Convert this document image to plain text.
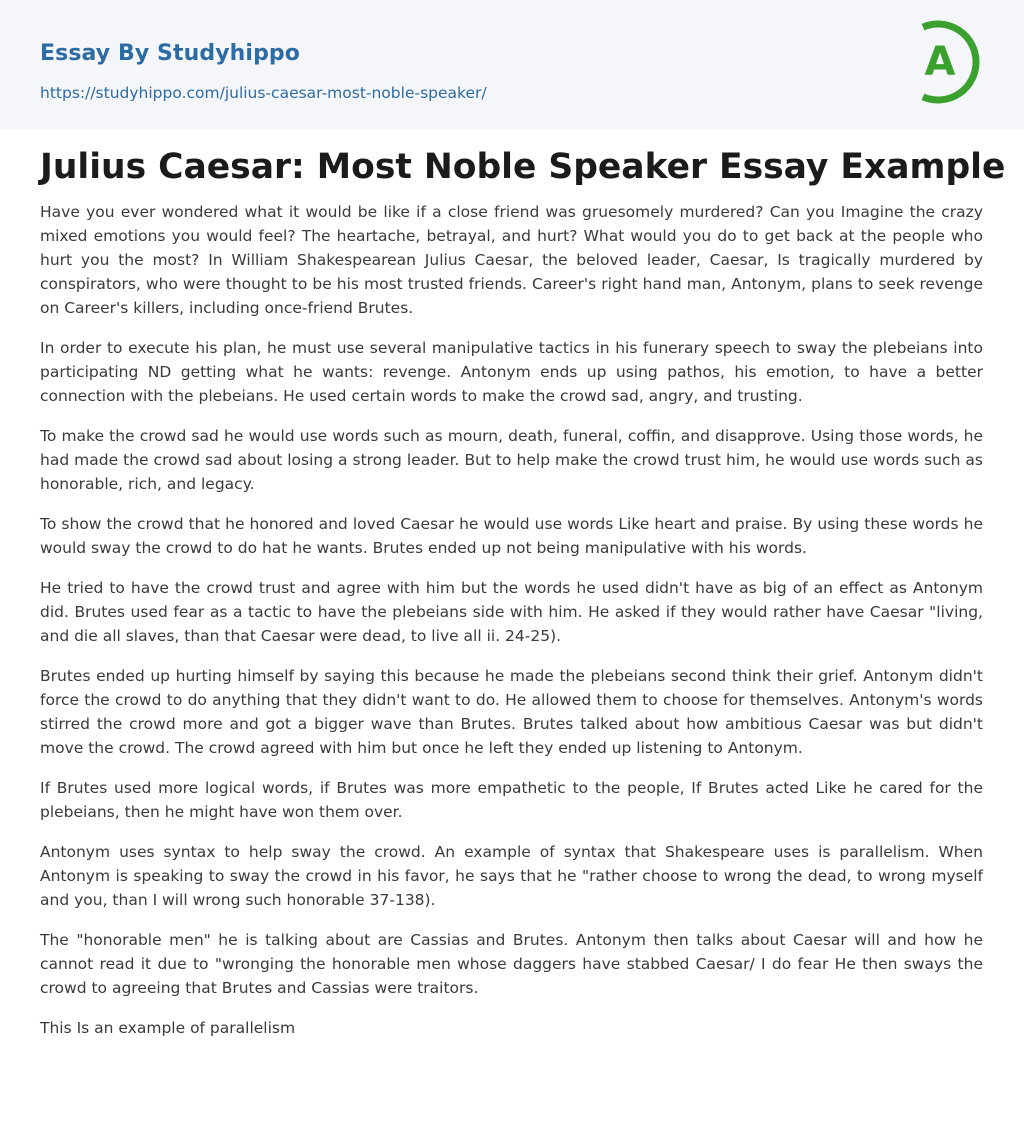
Essay By Studyhippo
https://studyhippo.com/julius-caesar-most-noble-speaker/
A
Julius Caesar: Most Noble Speaker Essay Example

Have you ever wondered what it would be like if a close friend was gruesomely murdered? Can you Imagine the crazy mixed emotions you would feel? The heartache, betrayal, and hurt? What would you do to get back at the people who hurt you the most? In William Shakespearean Julius Caesar, the beloved leader, Caesar, Is tragically murdered by conspirators, who were thought to be his most trusted friends. Career's right hand man, Antonym, plans to seek revenge on Career's killers, including once-friend Brutes.

In order to execute his plan, he must use several manipulative tactics in his funerary speech to sway the plebeians into participating ND getting what he wants: revenge. Antonym ends up using pathos, his emotion, to have a better connection with the plebeians. He used certain words to make the crowd sad, angry, and trusting.

To make the crowd sad he would use words such as mourn, death, funeral, coffin, and disapprove. Using those words, he had made the crowd sad about losing a strong leader. But to help make the crowd trust him, he would use words such as honorable, rich, and legacy.

To show the crowd that he honored and loved Caesar he would use words Like heart and praise. By using these words he would sway the crowd to do hat he wants. Brutes ended up not being manipulative with his words.

He tried to have the crowd trust and agree with him but the words he used didn't have as big of an effect as Antonym did. Brutes used fear as a tactic to have the plebeians side with him. He asked if they would rather have Caesar "living, and die all slaves, than that Caesar were dead, to live all ii. 24-25).

Brutes ended up hurting himself by saying this because he made the plebeians second think their grief. Antonym didn't force the crowd to do anything that they didn't want to do. He allowed them to choose for themselves. Antonym's words stirred the crowd more and got a bigger wave than Brutes. Brutes talked about how ambitious Caesar was but didn't move the crowd. The crowd agreed with him but once he left they ended up listening to Antonym.

If Brutes used more logical words, if Brutes was more empathetic to the people, If Brutes acted Like he cared for the plebeians, then he might have won them over.

Antonym uses syntax to help sway the crowd. An example of syntax that Shakespeare uses is parallelism. When Antonym is speaking to sway the crowd in his favor, he says that he "rather choose to wrong the dead, to wrong myself and you, than I will wrong such honorable 37-138).

The "honorable men" he is talking about are Cassias and Brutes. Antonym then talks about Caesar will and how he cannot read it due to "wronging the honorable men whose daggers have stabbed Caesar/ I do fear He then sways the crowd to agreeing that Brutes and Cassias were traitors.

This Is an example of parallelism
